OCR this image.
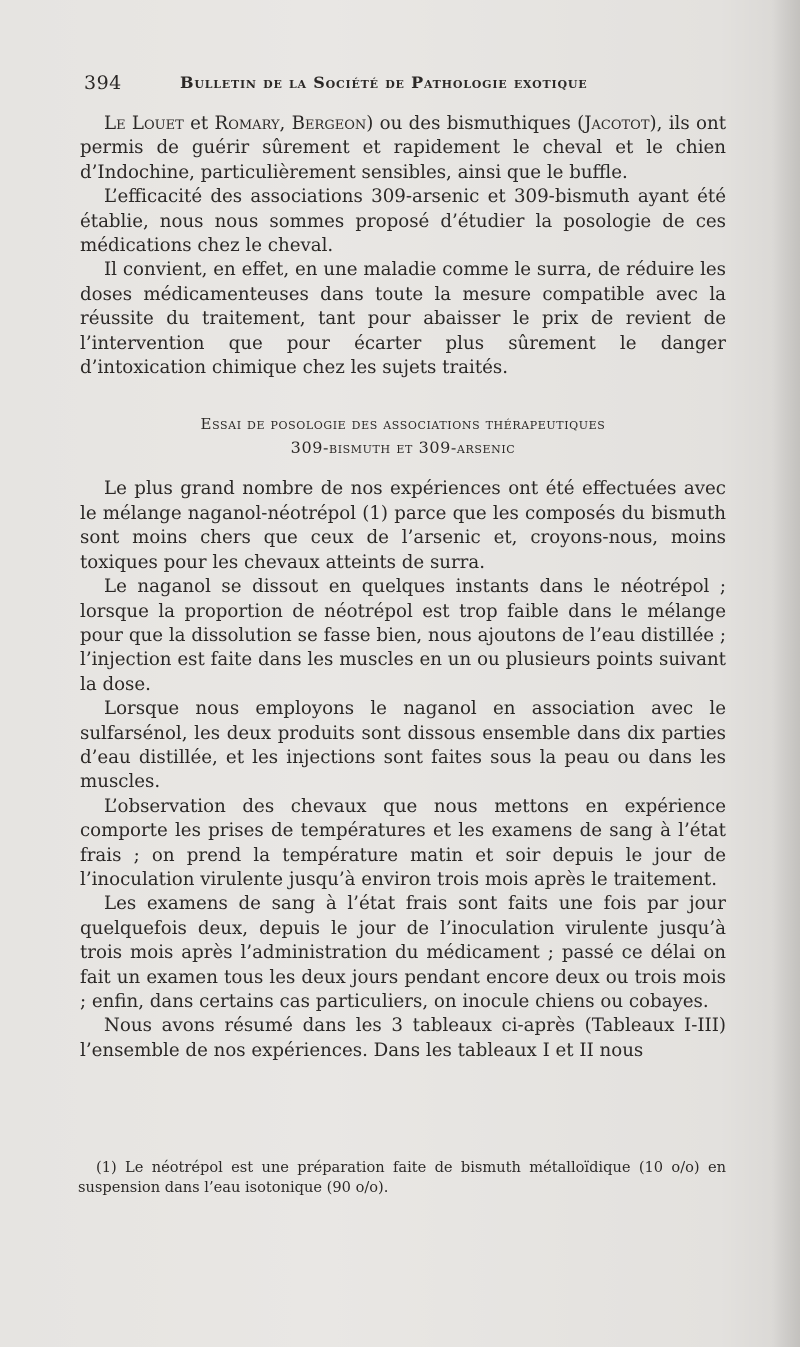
394	Bulletin de la Société de Pathologie exotique

Le Louet et Romary, Bergeon) ou des bismuthiques (Jacotot), ils ont permis de guérir sûrement et rapidement le cheval et le chien d’Indochine, particulièrement sensibles, ainsi que le buffle.

L’efficacité des associations 309-arsenic et 309-bismuth ayant été établie, nous nous sommes proposé d’étudier la posologie de ces médications chez le cheval.

Il convient, en effet, en une maladie comme le surra, de réduire les doses médicamenteuses dans toute la mesure compatible avec la réussite du traitement, tant pour abaisser le prix de revient de l’intervention que pour écarter plus sûrement le danger d’intoxication chimique chez les sujets traités.

Essai de posologie des associations thérapeutiques
309-bismuth et 309-arsenic

Le plus grand nombre de nos expériences ont été effectuées avec le mélange naganol-néotrépol (1) parce que les composés du bismuth sont moins chers que ceux de l’arsenic et, croyons-nous, moins toxiques pour les chevaux atteints de surra.

Le naganol se dissout en quelques instants dans le néotrépol ; lorsque la proportion de néotrépol est trop faible dans le mélange pour que la dissolution se fasse bien, nous ajoutons de l’eau distillée ; l’injection est faite dans les muscles en un ou plusieurs points suivant la dose.

Lorsque nous employons le naganol en association avec le sulfarsénol, les deux produits sont dissous ensemble dans dix parties d’eau distillée, et les injections sont faites sous la peau ou dans les muscles.

L’observation des chevaux que nous mettons en expérience comporte les prises de températures et les examens de sang à l’état frais ; on prend la température matin et soir depuis le jour de l’inoculation virulente jusqu’à environ trois mois après le traitement.

Les examens de sang à l’état frais sont faits une fois par jour quelquefois deux, depuis le jour de l’inoculation virulente jusqu’à trois mois après l’administration du médicament ; passé ce délai on fait un examen tous les deux jours pendant encore deux ou trois mois ; enfin, dans certains cas particuliers, on inocule chiens ou cobayes.

Nous avons résumé dans les 3 tableaux ci-après (Tableaux I-III) l’ensemble de nos expériences. Dans les tableaux I et II nous

(1) Le néotrépol est une préparation faite de bismuth métalloïdique (10 o/o) en suspension dans l’eau isotonique (90 o/o).
